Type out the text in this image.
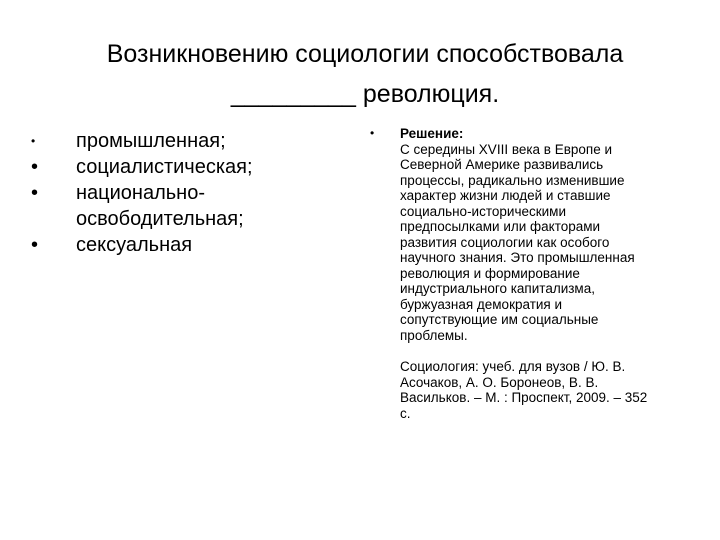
Возникновению социологии способствовала
_________ революция.
• промышленная;
• социалистическая;
• национально-освободительная;
• сексуальная
• Решение:
С середины XVIII века в Европе и Северной Америке развивались процессы, радикально изменившие характер жизни людей и ставшие социально-историческими предпосылками или факторами развития социологии как особого научного знания. Это промышленная революция и формирование индустриального капитализма, буржуазная демократия и сопутствующие им социальные проблемы.
Социология: учеб. для вузов / Ю. В. Асочаков, А. О. Боронеов, В. В. Васильков. – М. : Проспект, 2009. – 352 с.
